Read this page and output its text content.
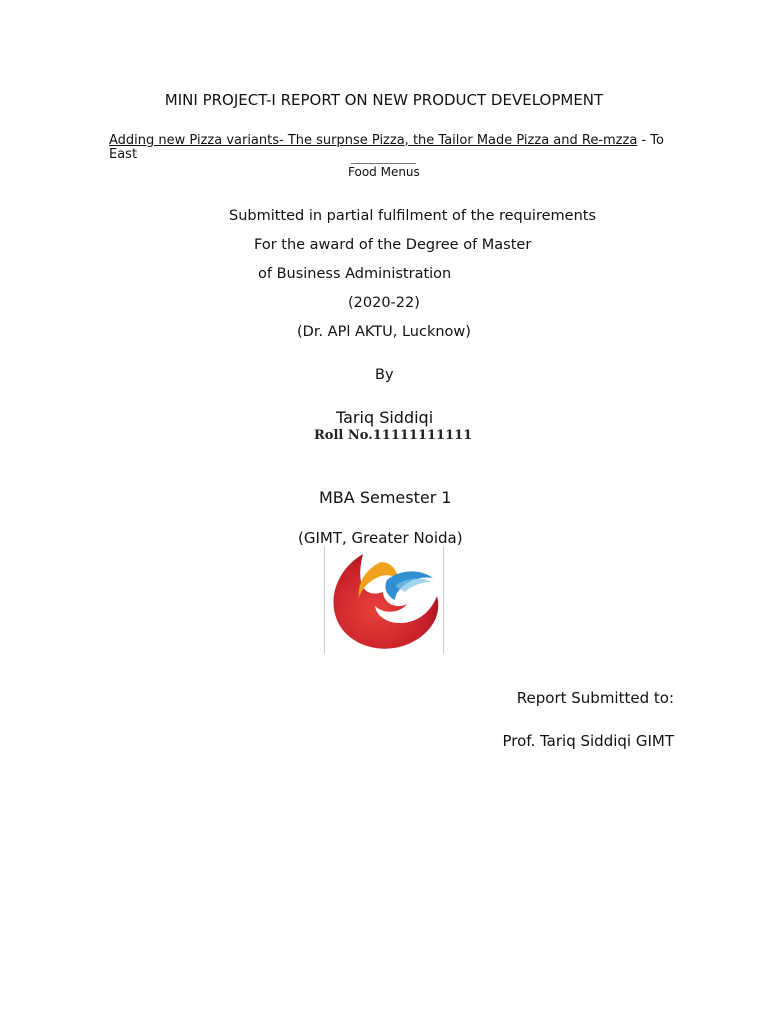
MINI PROJECT-I REPORT ON NEW PRODUCT DEVELOPMENT
Adding new Pizza variants- The surpnse Pizza, the Tailor Made Pizza and Re-mzza - To East
Food Menus
Submitted in partial fulfilment of the requirements
For the award of the Degree of Master
of Business Administration
(2020-22)
(Dr. APl AKTU, Lucknow)
By
Tariq Siddiqi
Roll No.11111111111
MBA Semester 1
(GIMT, Greater Noida)
Report Submitted to:
Prof. Tariq Siddiqi GIMT
